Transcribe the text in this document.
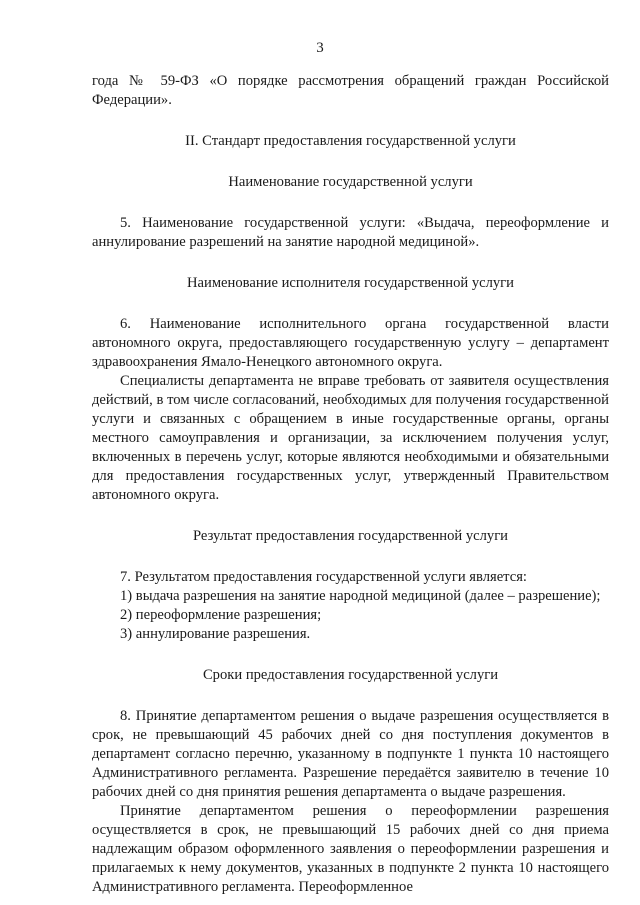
3

года № 59-ФЗ «О порядке рассмотрения обращений граждан Российской Федерации».

II. Стандарт предоставления государственной услуги

Наименование государственной услуги

5. Наименование государственной услуги: «Выдача, переоформление и аннулирование разрешений на занятие народной медициной».

Наименование исполнителя государственной услуги

6. Наименование исполнительного органа государственной власти автономного округа, предоставляющего государственную услугу – департамент здравоохранения Ямало-Ненецкого автономного округа.

Специалисты департамента не вправе требовать от заявителя осуществления действий, в том числе согласований, необходимых для получения государственной услуги и связанных с обращением в иные государственные органы, органы местного самоуправления и организации, за исключением получения услуг, включенных в перечень услуг, которые являются необходимыми и обязательными для предоставления государственных услуг, утвержденный Правительством автономного округа.

Результат предоставления государственной услуги

7. Результатом предоставления государственной услуги является:

1) выдача разрешения на занятие народной медициной (далее – разрешение);

2) переоформление разрешения;

3) аннулирование разрешения.

Сроки предоставления государственной услуги

8. Принятие департаментом решения о выдаче разрешения осуществляется в срок, не превышающий 45 рабочих дней со дня поступления документов в департамент согласно перечню, указанному в подпункте 1 пункта 10 настоящего Административного регламента. Разрешение передаётся заявителю в течение 10 рабочих дней со дня принятия решения департамента о выдаче разрешения.

Принятие департаментом решения о переоформлении разрешения осуществляется в срок, не превышающий 15 рабочих дней со дня приема надлежащим образом оформленного заявления о переоформлении разрешения и прилагаемых к нему документов, указанных в подпункте 2 пункта 10 настоящего Административного регламента. Переоформленное
